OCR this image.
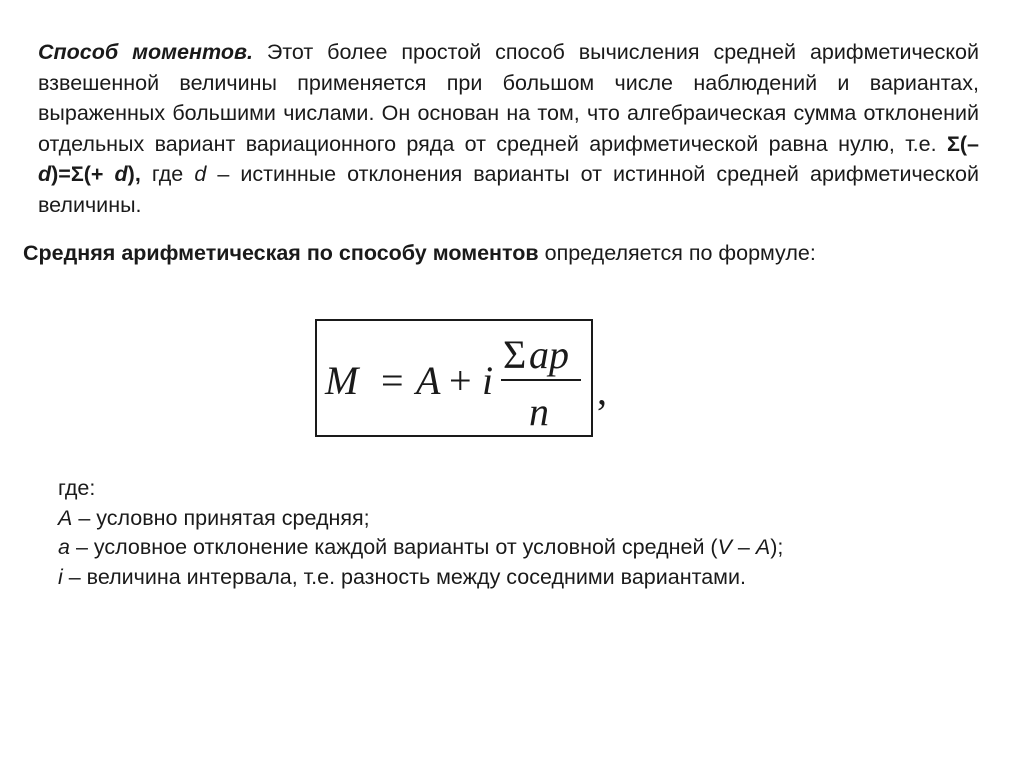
Способ моментов. Этот более простой способ вычисления средней арифметической взвешенной величины применяется при большом числе наблюдений и вариантах, выраженных большими числами. Он основан на том, что алгебраическая сумма отклонений отдельных вариант вариационного ряда от средней арифметической равна нулю, т.е. Σ(– d)=Σ(+ d), где d – истинные отклонения варианты от истинной средней арифметической величины.

Средняя арифметическая по способу моментов определяется по формуле:

M = A + i
Σ ap
n ,
где:
A – условно принятая средняя;
a – условное отклонение каждой варианты от условной средней (V – A);
i – величина интервала, т.е. разность между соседними вариантами.
